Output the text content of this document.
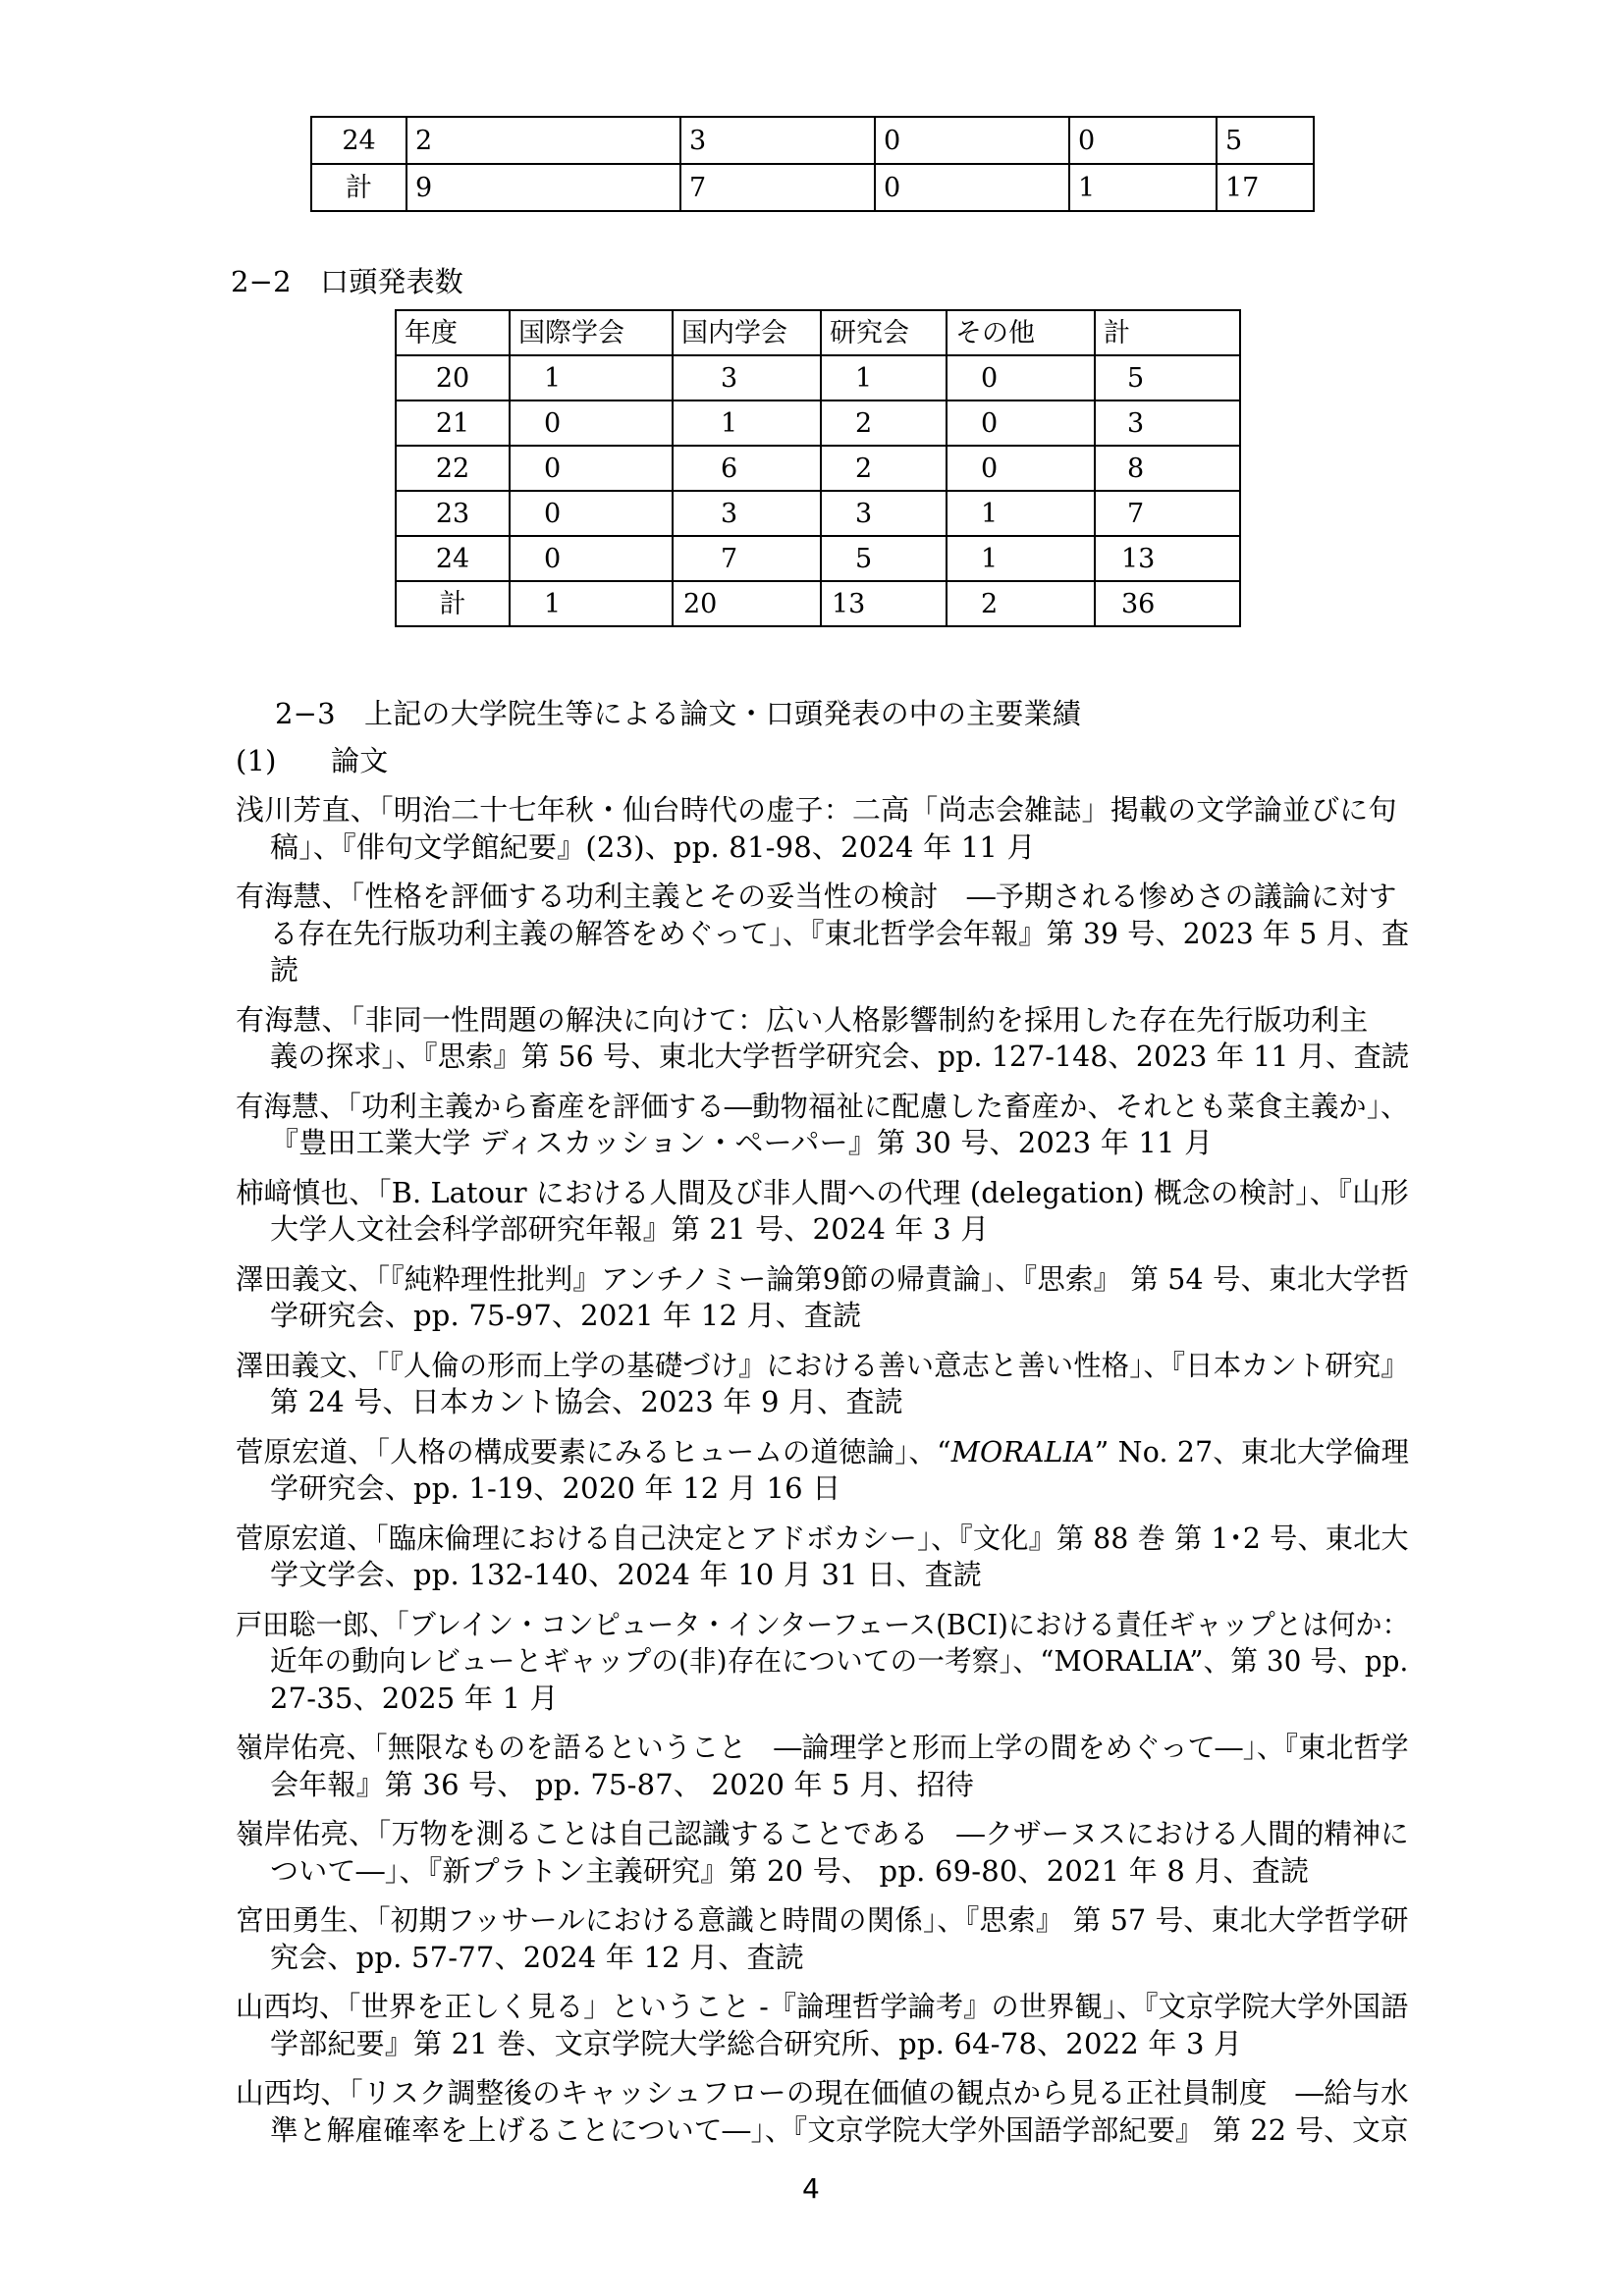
24	2	3	0	0	5
計	9	7	0	1	17
2−2　口頭発表数
年度	国際学会	国内学会	研究会	その他	計
20	1	3	1	0	5
21	0	1	2	0	3
22	0	6	2	0	8
23	0	3	3	1	7
24	0	7	5	1	13
計	1	20	13	2	36
2−3　上記の大学院生等による論文・口頭発表の中の主要業績
(1) 論文
浅川芳直、「明治二十七年秋・仙台時代の虚子：二高「尚志会雑誌」掲載の文学論並びに句
稿」、『俳句文学館紀要』(23)、pp. 81-98、2024 年 11 月
有海慧、「性格を評価する功利主義とその妥当性の検討　―予期される惨めさの議論に対す
る存在先行版功利主義の解答をめぐって」、『東北哲学会年報』第 39 号、2023 年 5 月、査
読
有海慧、「非同一性問題の解決に向けて：広い人格影響制約を採用した存在先行版功利主
義の探求」、『思索』第 56 号、東北大学哲学研究会、pp. 127-148、2023 年 11 月、査読
有海慧、「功利主義から畜産を評価する―動物福祉に配慮した畜産か、それとも菜食主義か」、
『豊田工業大学 ディスカッション・ペーパー』第 30 号、2023 年 11 月
柿﨑慎也、「B. Latour における人間及び非人間への代理 (delegation) 概念の検討」、『山形
大学人文社会科学部研究年報』第 21 号、2024 年 3 月
澤田義文、「『純粋理性批判』アンチノミー論第9節の帰責論」、『思索』 第 54 号、東北大学哲
学研究会、pp. 75-97、2021 年 12 月、査読
澤田義文、「『人倫の形而上学の基礎づけ』における善い意志と善い性格」、『日本カント研究』
第 24 号、日本カント協会、2023 年 9 月、査読
菅原宏道、「人格の構成要素にみるヒュームの道徳論」、“MORALIA” No. 27、東北大学倫理
学研究会、pp. 1-19、2020 年 12 月 16 日
菅原宏道、「臨床倫理における自己決定とアドボカシー」、『文化』第 88 巻 第 1･2 号、東北大
学文学会、pp. 132-140、2024 年 10 月 31 日、査読
戸田聡一郎、「ブレイン・コンピュータ・インターフェース(BCI)における責任ギャップとは何か：
近年の動向レビューとギャップの(非)存在についての一考察」、“MORALIA”、第 30 号、pp.
27-35、2025 年 1 月
嶺岸佑亮、「無限なものを語るということ　―論理学と形而上学の間をめぐって―」、『東北哲学
会年報』第 36 号、 pp. 75-87、 2020 年 5 月、招待
嶺岸佑亮、「万物を測ることは自己認識することである　―クザーヌスにおける人間的精神に
ついて―」、『新プラトン主義研究』第 20 号、 pp. 69-80、2021 年 8 月、査読
宮田勇生、「初期フッサールにおける意識と時間の関係」、『思索』 第 57 号、東北大学哲学研
究会、pp. 57-77、2024 年 12 月、査読
山西均、「世界を正しく見る」ということ -『論理哲学論考』の世界観」、『文京学院大学外国語
学部紀要』第 21 巻、文京学院大学総合研究所、pp. 64-78、2022 年 3 月
山西均、「リスク調整後のキャッシュフローの現在価値の観点から見る正社員制度　―給与水
準と解雇確率を上げることについて―」、『文京学院大学外国語学部紀要』 第 22 号、文京
4
